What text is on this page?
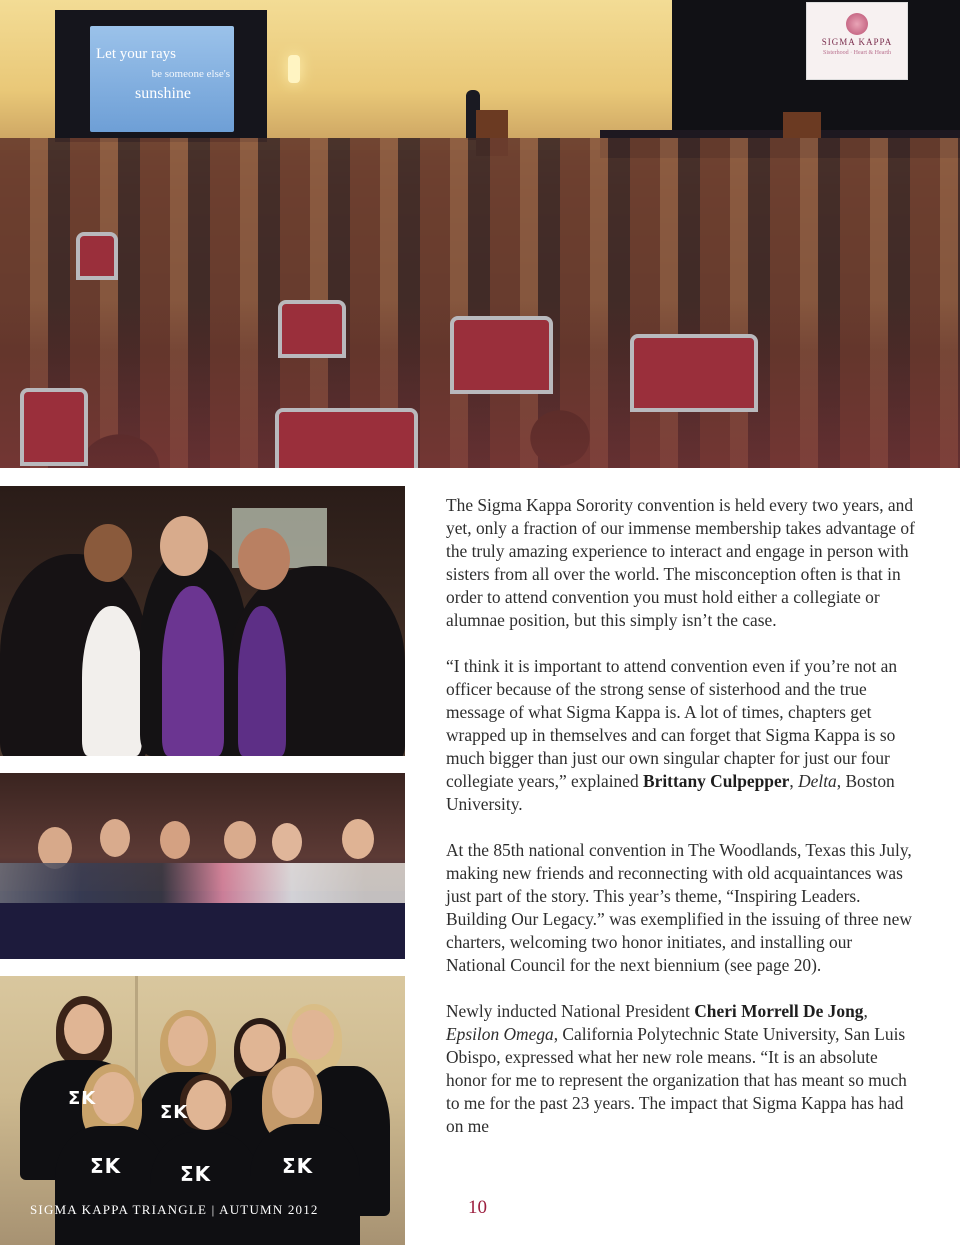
Let your rays
be someone else's
sunshine
SIGMA KAPPA
Sisterhood · Heart & Hearth
ΣΚ	ΣΚ	ΣΚ
ΣΚ
ΣΚ
SIGMA KAPPA TRIANGLE | AUTUMN 2012

The Sigma Kappa Sorority convention is held every two years, and yet, only a fraction of our immense membership takes advantage of the truly amazing experience to interact and engage in person with sisters from all over the world. The misconception often is that in order to attend convention you must hold either a collegiate or alumnae position, but this simply isn’t the case.

“I think it is important to attend convention even if you’re not an officer because of the strong sense of sisterhood and the true message of what Sigma Kappa is. A lot of times, chapters get wrapped up in themselves and can forget that Sigma Kappa is so much bigger than just our own singular chapter for just our four collegiate years,” explained Brittany Culpepper, Delta, Boston University.

At the 85th national convention in The Woodlands, Texas this July, making new friends and reconnecting with old acquaintances was just part of the story. This year’s theme, “Inspiring Leaders. Building Our Legacy.” was exemplified in the issuing of three new charters, welcoming two honor initiates, and installing our National Council for the next biennium (see page 20).

Newly inducted National President Cheri Morrell De Jong, Epsilon Omega, California Polytechnic State University, San Luis Obispo, expressed what her new role means. “It is an absolute honor for me to represent the organization that has meant so much to me for the past 23 years. The impact that Sigma Kappa has had on me

10
